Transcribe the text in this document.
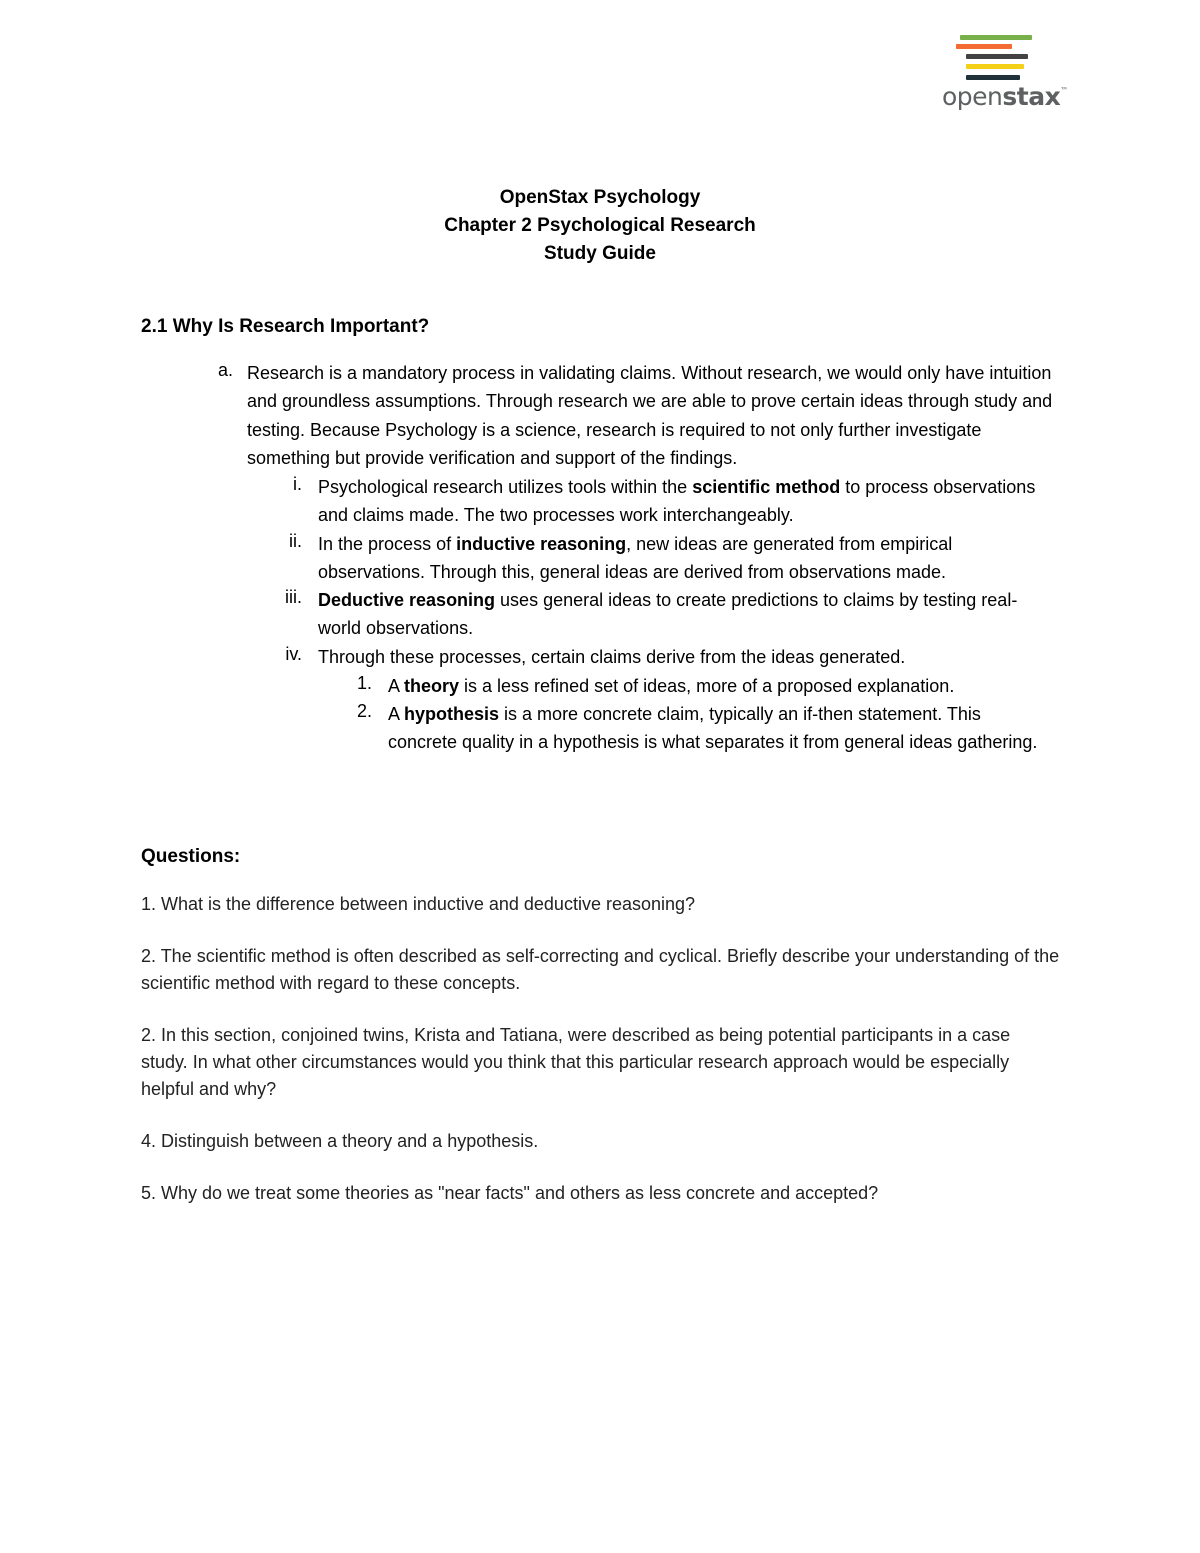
openstax™
OpenStax Psychology
Chapter 2 Psychological Research
Study Guide
2.1 Why Is Research Important?
a. Research is a mandatory process in validating claims. Without research, we would only have intuition and groundless assumptions. Through research we are able to prove certain ideas through study and testing. Because Psychology is a science, research is required to not only further investigate something but provide verification and support of the findings.
i. Psychological research utilizes tools within the scientific method to process observations and claims made. The two processes work interchangeably.
ii. In the process of inductive reasoning, new ideas are generated from empirical observations. Through this, general ideas are derived from observations made.
iii. Deductive reasoning uses general ideas to create predictions to claims by testing real-world observations.
iv. Through these processes, certain claims derive from the ideas generated.
1. A theory is a less refined set of ideas, more of a proposed explanation.
2. A hypothesis is a more concrete claim, typically an if-then statement. This concrete quality in a hypothesis is what separates it from general ideas gathering.
Questions:
1. What is the difference between inductive and deductive reasoning?
2. The scientific method is often described as self-correcting and cyclical. Briefly describe your understanding of the scientific method with regard to these concepts.
2. In this section, conjoined twins, Krista and Tatiana, were described as being potential participants in a case study. In what other circumstances would you think that this particular research approach would be especially helpful and why?
4. Distinguish between a theory and a hypothesis.
5. Why do we treat some theories as "near facts" and others as less concrete and accepted?
